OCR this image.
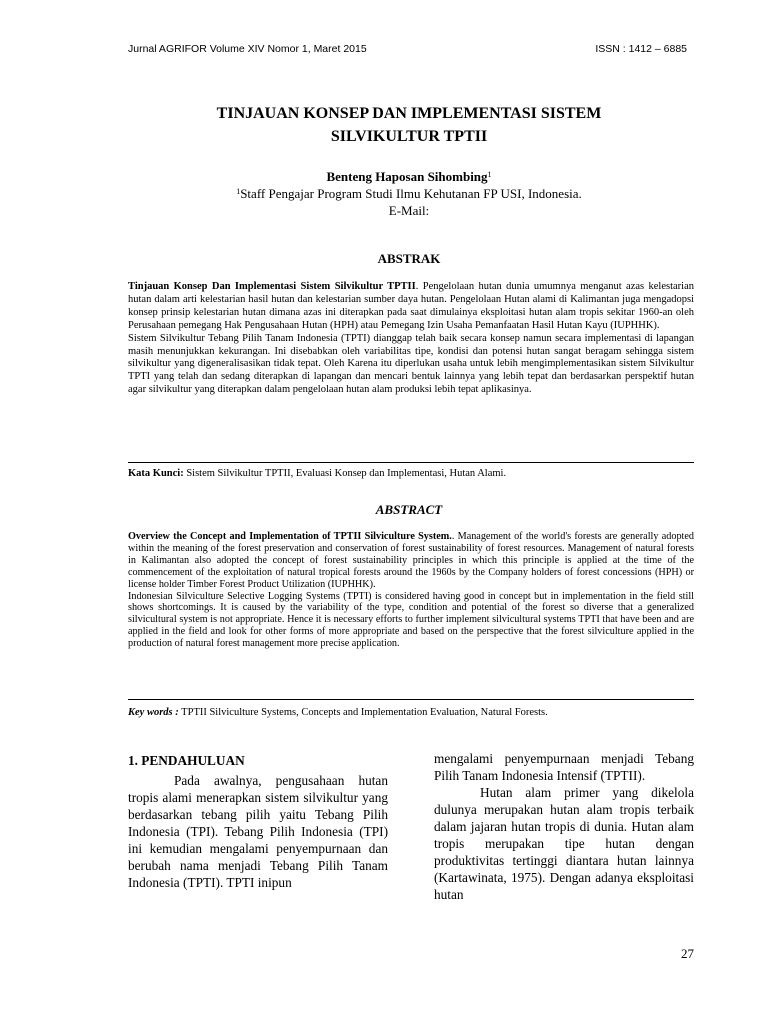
Jurnal AGRIFOR Volume XIV Nomor 1, Maret 2015	ISSN : 1412 – 6885
TINJAUAN KONSEP DAN IMPLEMENTASI SISTEM
SILVIKULTUR TPTII
Benteng Haposan Sihombing$^1$
$^1$Staff Pengajar Program Studi Ilmu Kehutanan FP USI, Indonesia.
E-Mail:
ABSTRAK

Tinjauan Konsep Dan Implementasi Sistem Silvikultur TPTII. Pengelolaan hutan dunia umumnya menganut azas kelestarian hutan dalam arti kelestarian hasil hutan dan kelestarian sumber daya hutan. Pengelolaan Hutan alami di Kalimantan juga mengadopsi konsep prinsip kelestarian hutan dimana azas ini diterapkan pada saat dimulainya eksploitasi hutan alam tropis sekitar 1960-an oleh Perusahaan pemegang Hak Pengusahaan Hutan (HPH) atau Pemegang Izin Usaha Pemanfaatan Hasil Hutan Kayu (IUPHHK).

Sistem Silvikultur Tebang Pilih Tanam Indonesia (TPTI) dianggap telah baik secara konsep namun secara implementasi di lapangan masih menunjukkan kekurangan. Ini disebabkan oleh variabilitas tipe, kondisi dan potensi hutan sangat beragam sehingga sistem silvikultur yang digeneralisasikan tidak tepat. Oleh Karena itu diperlukan usaha untuk lebih mengimplementasikan sistem Silvikultur TPTI yang telah dan sedang diterapkan di lapangan dan mencari bentuk lainnya yang lebih tepat dan berdasarkan perspektif hutan agar silvikultur yang diterapkan dalam pengelolaan hutan alam produksi lebih tepat aplikasinya.

Kata Kunci: Sistem Silvikultur TPTII, Evaluasi Konsep dan Implementasi, Hutan Alami.
ABSTRACT

Overview the Concept and Implementation of TPTII Silviculture System.. Management of the world's forests are generally adopted within the meaning of the forest preservation and conservation of forest sustainability of forest resources. Management of natural forests in Kalimantan also adopted the concept of forest sustainability principles in which this principle is applied at the time of the commencement of the exploitation of natural tropical forests around the 1960s by the Company holders of forest concessions (HPH) or license holder Timber Forest Product Utilization (IUPHHK).

Indonesian Silviculture Selective Logging Systems (TPTI) is considered having good in concept but in implementation in the field still shows shortcomings. It is caused by the variability of the type, condition and potential of the forest so diverse that a generalized silvicultural system is not appropriate. Hence it is necessary efforts to further implement silvicultural systems TPTI that have been and are applied in the field and look for other forms of more appropriate and based on the perspective that the forest silviculture applied in the production of natural forest management more precise application.

Key words : TPTII Silviculture Systems, Concepts and Implementation Evaluation, Natural Forests.

1. PENDAHULUAN

Pada awalnya, pengusahaan hutan tropis alami menerapkan sistem silvikultur yang berdasarkan tebang pilih yaitu Tebang Pilih Indonesia (TPI). Tebang Pilih Indonesia (TPI) ini kemudian mengalami penyempurnaan dan berubah nama menjadi Tebang Pilih Tanam Indonesia (TPTI). TPTI inipun

mengalami penyempurnaan menjadi Tebang Pilih Tanam Indonesia Intensif (TPTII).

Hutan alam primer yang dikelola dulunya merupakan hutan alam tropis terbaik dalam jajaran hutan tropis di dunia. Hutan alam tropis merupakan tipe hutan dengan produktivitas tertinggi diantara hutan lainnya (Kartawinata, 1975). Dengan adanya eksploitasi hutan

27
